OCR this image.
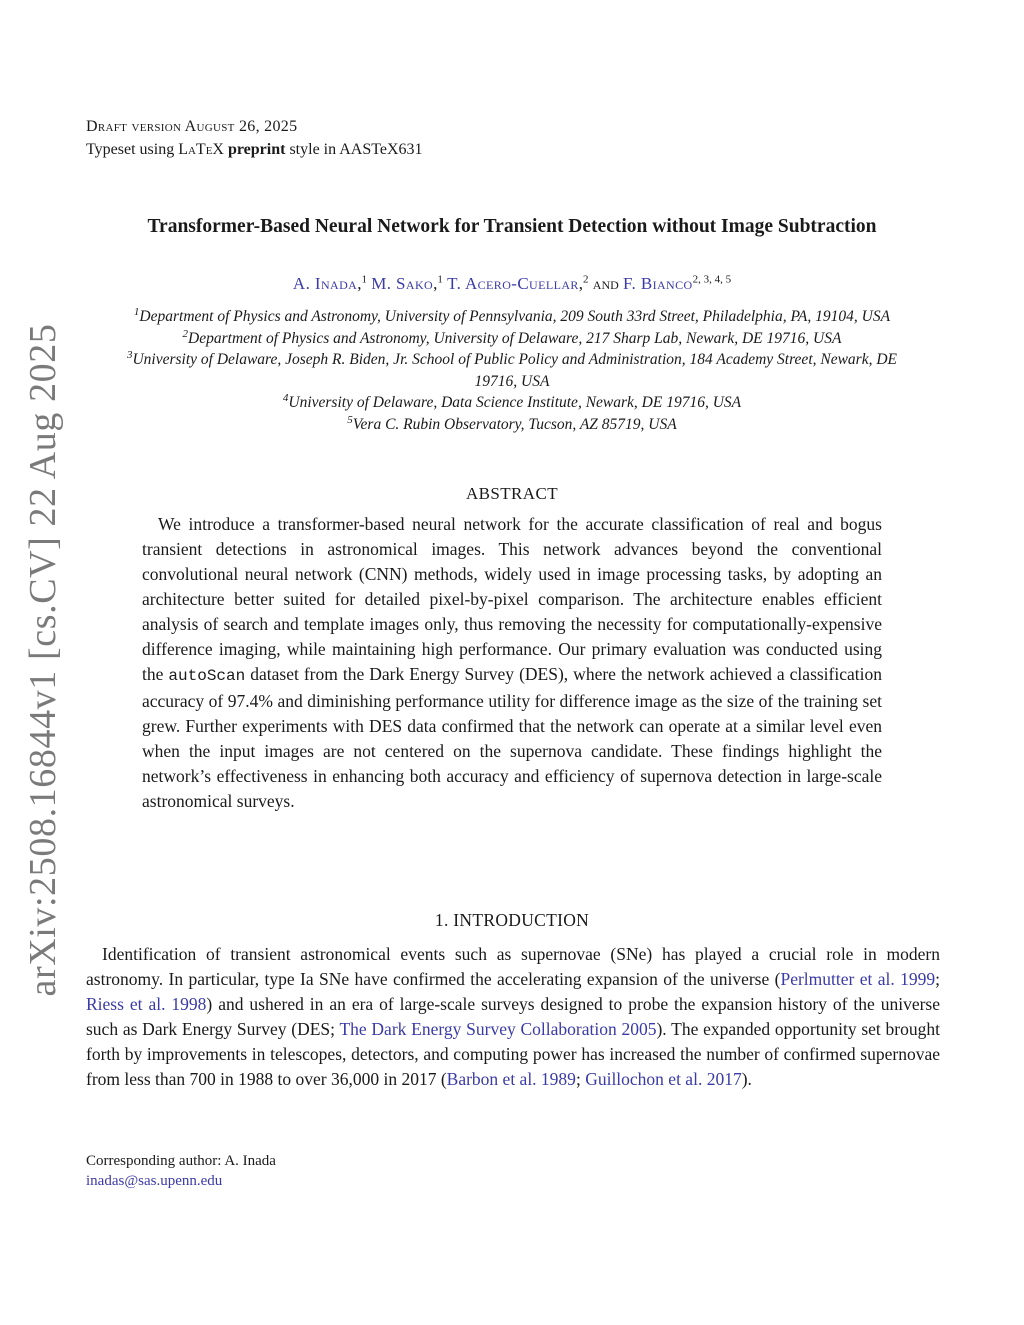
arXiv:2508.16844v1 [cs.CV] 22 Aug 2025
Draft version August 26, 2025
Typeset using LaTeX preprint style in AASTeX631
Transformer-Based Neural Network for Transient Detection without Image Subtraction
A. Inada,$^1$ M. Sako,$^1$ T. Acero-Cuellar,$^2$ and F. Bianco$^{2, 3, 4, 5}$

$^1$Department of Physics and Astronomy, University of Pennsylvania, 209 South 33rd Street, Philadelphia, PA, 19104, USA

$^2$Department of Physics and Astronomy, University of Delaware, 217 Sharp Lab, Newark, DE 19716, USA

$^3$University of Delaware, Joseph R. Biden, Jr. School of Public Policy and Administration, 184 Academy Street, Newark, DE 19716, USA

$^4$University of Delaware, Data Science Institute, Newark, DE 19716, USA

$^5$Vera C. Rubin Observatory, Tucson, AZ 85719, USA

ABSTRACT
We introduce a transformer-based neural network for the accurate classification of real and bogus transient detections in astronomical images. This network advances beyond the conventional convolutional neural network (CNN) methods, widely used in image processing tasks, by adopting an architecture better suited for detailed pixel-by-pixel comparison. The architecture enables efficient analysis of search and template images only, thus removing the necessity for computationally-expensive difference imaging, while maintaining high performance. Our primary evaluation was conducted using the autoScan dataset from the Dark Energy Survey (DES), where the network achieved a classification accuracy of 97.4% and diminishing performance utility for difference image as the size of the training set grew. Further experiments with DES data confirmed that the network can operate at a similar level even when the input images are not centered on the supernova candidate. These findings highlight the network’s effectiveness in enhancing both accuracy and efficiency of supernova detection in large-scale astronomical surveys.
1. INTRODUCTION
Identification of transient astronomical events such as supernovae (SNe) has played a crucial role in modern astronomy. In particular, type Ia SNe have confirmed the accelerating expansion of the universe (Perlmutter et al. 1999; Riess et al. 1998) and ushered in an era of large-scale surveys designed to probe the expansion history of the universe such as Dark Energy Survey (DES; The Dark Energy Survey Collaboration 2005). The expanded opportunity set brought forth by improvements in telescopes, detectors, and computing power has increased the number of confirmed supernovae from less than 700 in 1988 to over 36,000 in 2017 (Barbon et al. 1989; Guillochon et al. 2017).
Corresponding author: A. Inada
inadas@sas.upenn.edu
